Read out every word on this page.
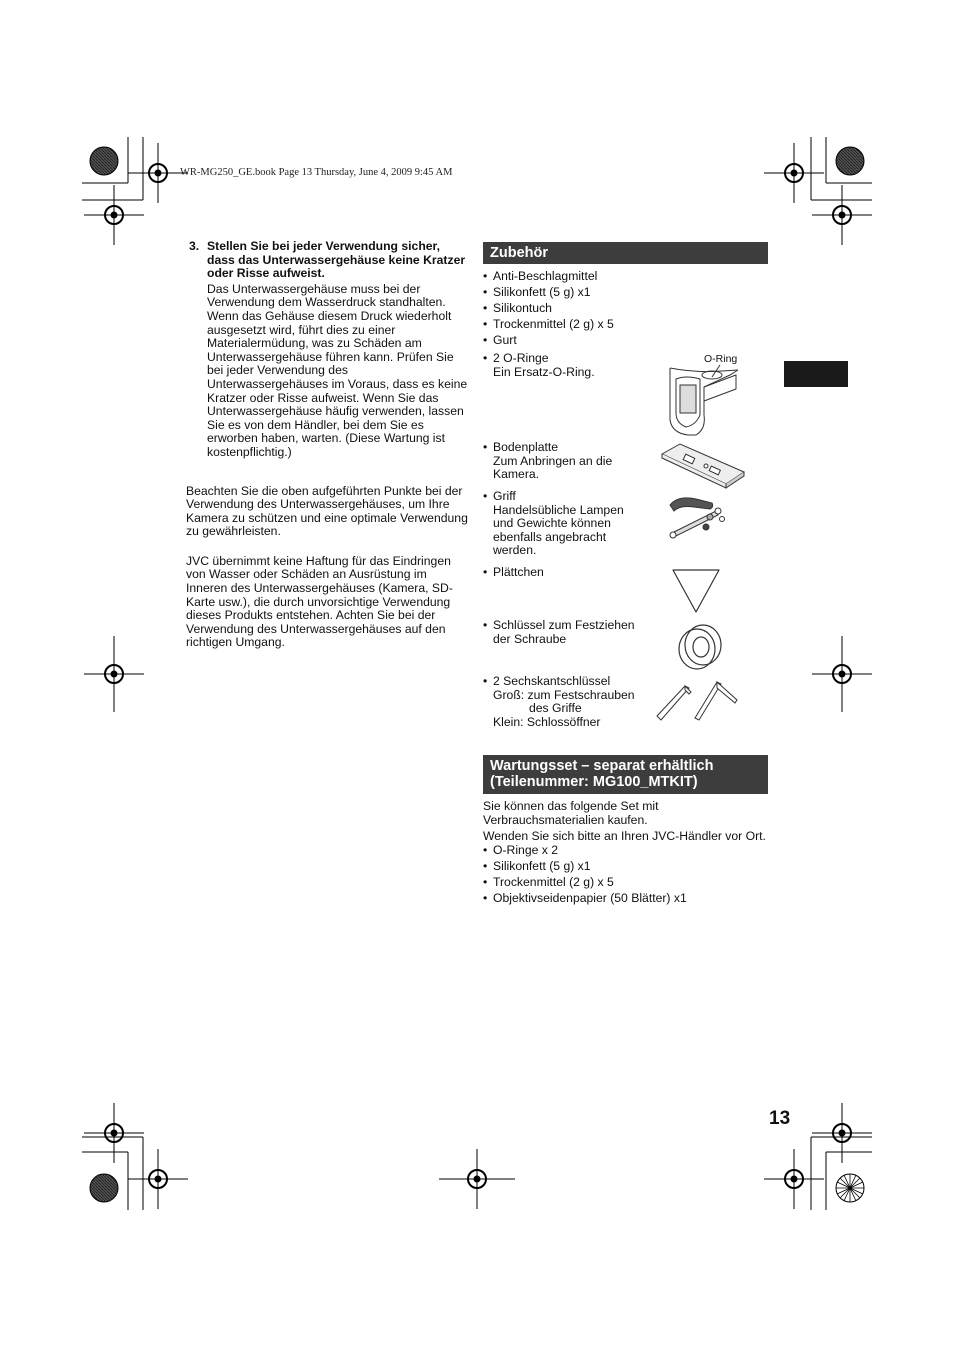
WR-MG250_GE.book Page 13 Thursday, June 4, 2009 9:45 AM
3. Stellen Sie bei jeder Verwendung sicher, dass das Unterwassergehäuse keine Kratzer oder Risse aufweist.
Das Unterwassergehäuse muss bei der Verwendung dem Wasserdruck standhalten. Wenn das Gehäuse diesem Druck wiederholt ausgesetzt wird, führt dies zu einer Materialermüdung, was zu Schäden am Unterwassergehäuse führen kann. Prüfen Sie bei jeder Verwendung des Unterwassergehäuses im Voraus, dass es keine Kratzer oder Risse aufweist. Wenn Sie das Unterwassergehäuse häufig verwenden, lassen Sie es von dem Händler, bei dem Sie es erworben haben, warten. (Diese Wartung ist kostenpflichtig.)
Beachten Sie die oben aufgeführten Punkte bei der Verwendung des Unterwassergehäuses, um Ihre Kamera zu schützen und eine optimale Verwendung zu gewährleisten.
JVC übernimmt keine Haftung für das Eindringen von Wasser oder Schäden an Ausrüstung im Inneren des Unterwassergehäuses (Kamera, SD-Karte usw.), die durch unvorsichtige Verwendung dieses Produkts entstehen. Achten Sie bei der Verwendung des Unterwassergehäuses auf den richtigen Umgang.
Zubehör
• Anti-Beschlagmittel
• Silikonfett (5 g) x1
• Silikontuch
• Trockenmittel (2 g) x 5
• Gurt
• 2 O-Ringe
Ein Ersatz-O-Ring.
O-Ring
• Bodenplatte
Zum Anbringen an die
Kamera.
• Griff
Handelsübliche Lampen
und Gewichte können
ebenfalls angebracht
werden.
• Plättchen
• Schlüssel zum Festziehen
der Schraube
• 2 Sechskantschlüssel
Groß: zum Festschrauben
des Griffe
Klein: Schlossöffner
Wartungsset – separat erhältlich
(Teilenummer: MG100_MTKIT)
Sie können das folgende Set mit Verbrauchsmaterialien kaufen.
Wenden Sie sich bitte an Ihren JVC-Händler vor Ort.
• O-Ringe x 2
• Silikonfett (5 g) x1
• Trockenmittel (2 g) x 5
• Objektivseidenpapier (50 Blätter) x1
13
